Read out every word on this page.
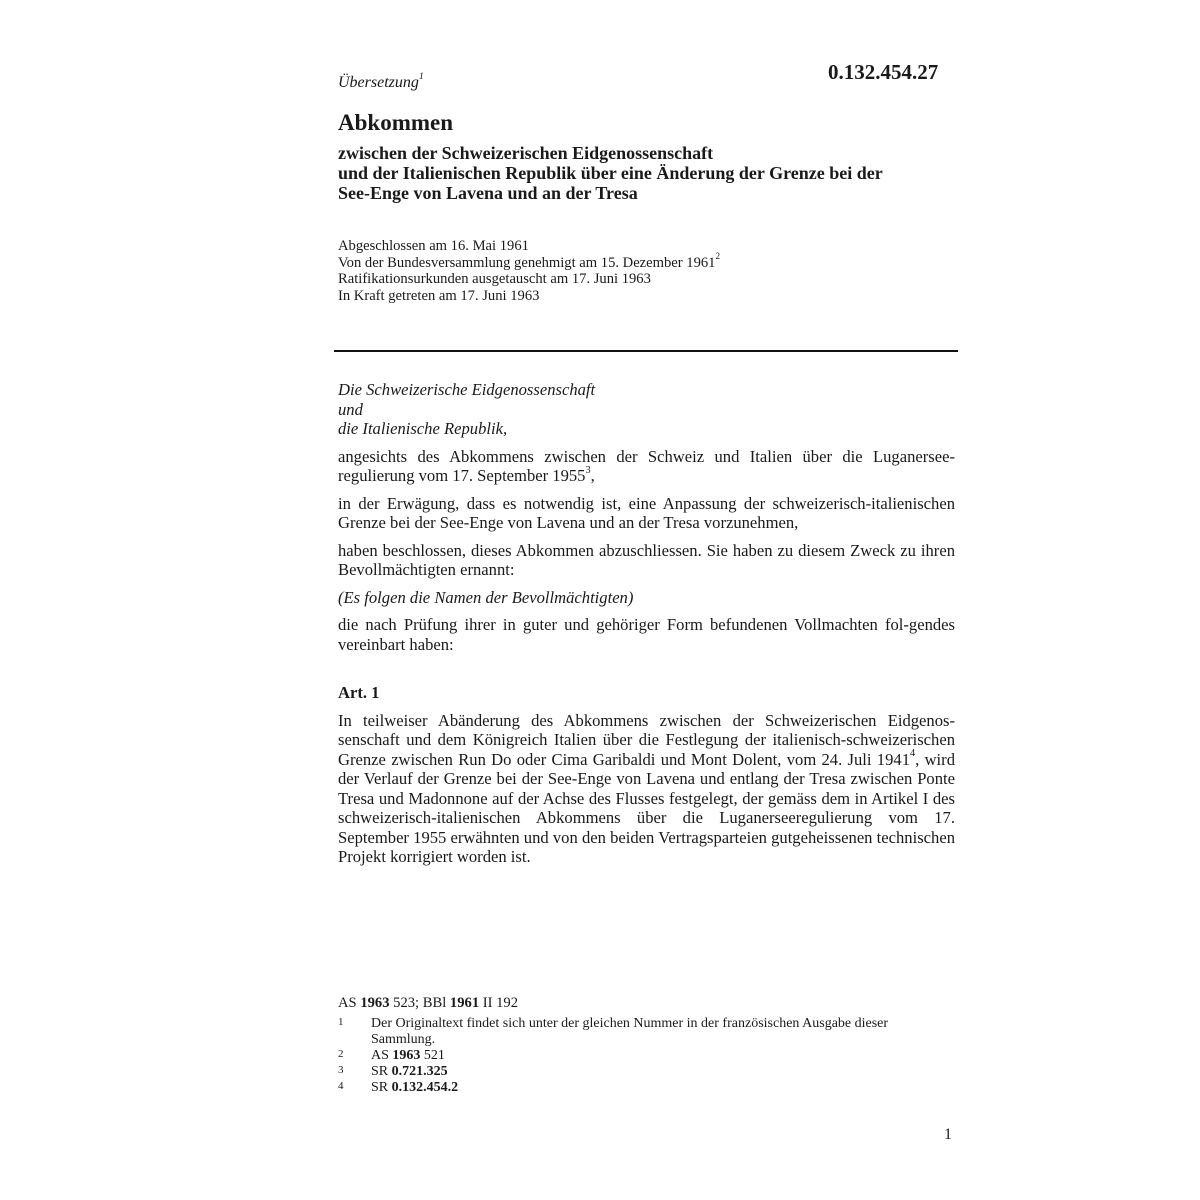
0.132.454.27
Übersetzung$^1$
Abkommen
zwischen der Schweizerischen Eidgenossenschaft
und der Italienischen Republik über eine Änderung der Grenze bei der
See-Enge von Lavena und an der Tresa
Abgeschlossen am 16. Mai 1961
Von der Bundesversammlung genehmigt am 15. Dezember 1961$^2$
Ratifikationsurkunden ausgetauscht am 17. Juni 1963
In Kraft getreten am 17. Juni 1963

Die Schweizerische Eidgenossenschaft

und

die Italienische Republik,

angesichts des Abkommens zwischen der Schweiz und Italien über die Luganersee-regulierung vom 17. September 1955$^3$,

in der Erwägung, dass es notwendig ist, eine Anpassung der schweizerisch-italienischen Grenze bei der See-Enge von Lavena und an der Tresa vorzunehmen,

haben beschlossen, dieses Abkommen abzuschliessen. Sie haben zu diesem Zweck zu ihren Bevollmächtigten ernannt:

(Es folgen die Namen der Bevollmächtigten)

die nach Prüfung ihrer in guter und gehöriger Form befundenen Vollmachten fol-gendes vereinbart haben:

Art. 1

In teilweiser Abänderung des Abkommens zwischen der Schweizerischen Eidgenos-senschaft und dem Königreich Italien über die Festlegung der italienisch-schweizerischen Grenze zwischen Run Do oder Cima Garibaldi und Mont Dolent, vom 24. Juli 1941$^4$, wird der Verlauf der Grenze bei der See-Enge von Lavena und entlang der Tresa zwischen Ponte Tresa und Madonnone auf der Achse des Flusses festgelegt, der gemäss dem in Artikel I des schweizerisch-italienischen Abkommens über die Luganerseeregulierung vom 17. September 1955 erwähnten und von den beiden Vertragsparteien gutgeheissenen technischen Projekt korrigiert worden ist.

AS 1963 523; BBl 1961 II 192
1	Der Originaltext findet sich unter der gleichen Nummer in der französischen Ausgabe dieser Sammlung.
2	AS 1963 521
3	SR 0.721.325
4	SR 0.132.454.2
1
